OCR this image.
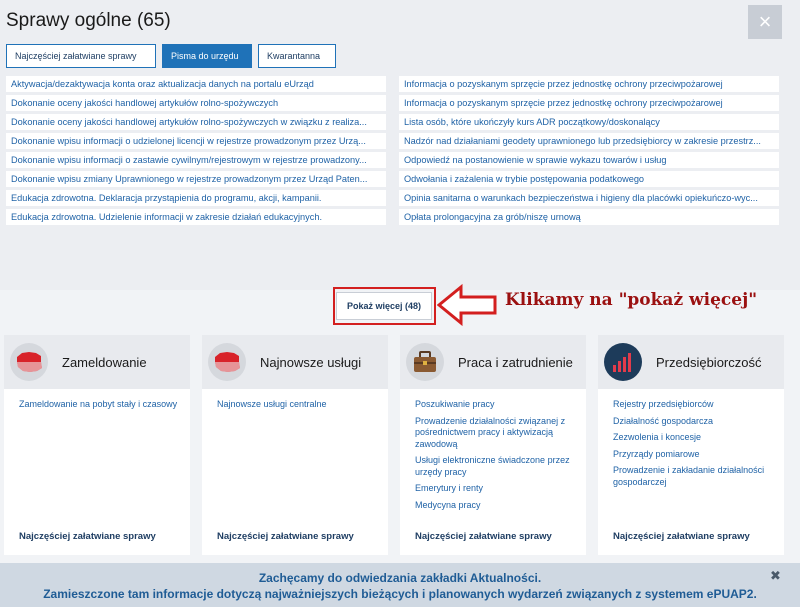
Sprawy ogólne (65)	×
Najczęściej załatwiane sprawy	Pisma do urzędu	Kwarantanna
Aktywacja/dezaktywacja konta oraz aktualizacja danych na portalu eUrząd
Dokonanie oceny jakości handlowej artykułów rolno-spożywczych
Dokonanie oceny jakości handlowej artykułów rolno-spożywczych w związku z realiza...
Dokonanie wpisu informacji o udzielonej licencji w rejestrze prowadzonym przez Urzą...
Dokonanie wpisu informacji o zastawie cywilnym/rejestrowym w rejestrze prowadzony...
Dokonanie wpisu zmiany Uprawnionego w rejestrze prowadzonym przez Urząd Paten...
Edukacja zdrowotna. Deklaracja przystąpienia do programu, akcji, kampanii.
Edukacja zdrowotna. Udzielenie informacji w zakresie działań edukacyjnych.
Informacja o pozyskanym sprzęcie przez jednostkę ochrony przeciwpożarowej
Informacja o pozyskanym sprzęcie przez jednostkę ochrony przeciwpożarowej
Lista osób, które ukończyły kurs ADR początkowy/doskonalący
Nadzór nad działaniami geodety uprawnionego lub przedsiębiorcy w zakresie przestrz...
Odpowiedź na postanowienie w sprawie wykazu towarów i usług
Odwołania i zażalenia w trybie postępowania podatkowego
Opinia sanitarna o warunkach bezpieczeństwa i higieny dla placówki opiekuńczo-wyc...
Opłata prolongacyjna za grób/niszę urnową
Pokaż więcej (48)	Klikamy na "pokaż więcej"
Zameldowanie
Zameldowanie na pobyt stały i czasowy
Najczęściej załatwiane sprawy
Najnowsze usługi
Najnowsze usługi centralne
Najczęściej załatwiane sprawy
Praca i zatrudnienie
Poszukiwanie pracy
Prowadzenie działalności związanej z pośrednictwem pracy i aktywizacją zawodową
Usługi elektroniczne świadczone przez urzędy pracy
Emerytury i renty
Medycyna pracy
Najczęściej załatwiane sprawy
Przedsiębiorczość
Rejestry przedsiębiorców
Działalność gospodarcza
Zezwolenia i koncesje
Przyrządy pomiarowe
Prowadzenie i zakładanie działalności gospodarczej
Najczęściej załatwiane sprawy
Zachęcamy do odwiedzania zakładki Aktualności.
Zamieszczone tam informacje dotyczą najważniejszych bieżących i planowanych wydarzeń związanych z systemem ePUAP2.
✖
